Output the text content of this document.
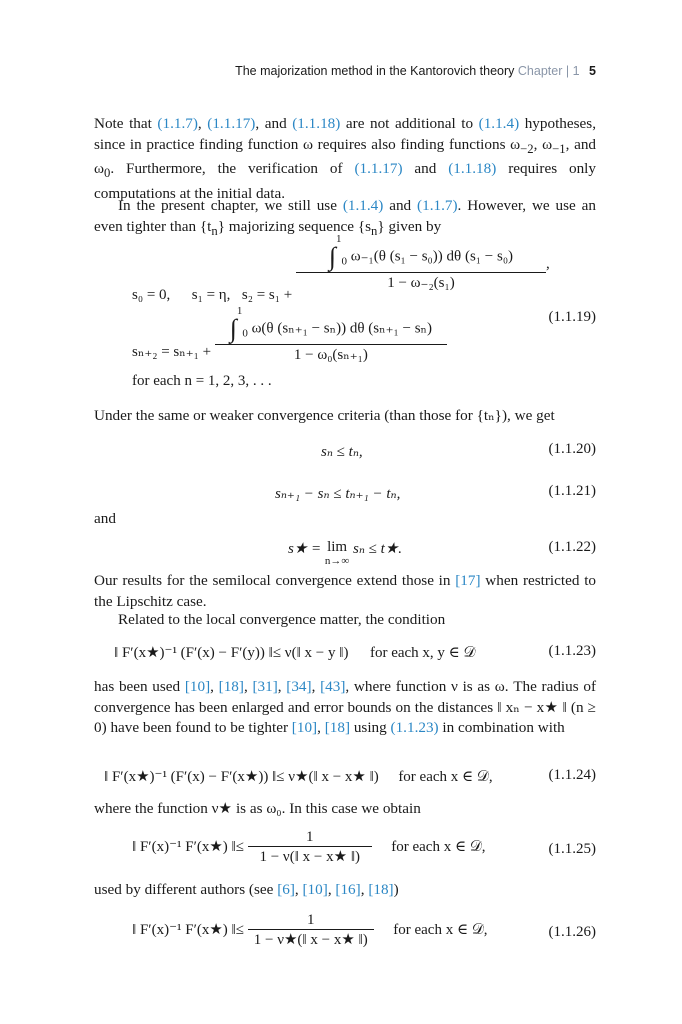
The majorization method in the Kantorovich theory Chapter | 1 5
Note that (1.1.7), (1.1.17), and (1.1.18) are not additional to (1.1.4) hypotheses, since in practice finding function ω requires also finding functions $\omega_{-2}$, $\omega_{-1}$, and $\omega_0$. Furthermore, the verification of (1.1.17) and (1.1.18) requires only computations at the initial data.
In the present chapter, we still use (1.1.4) and (1.1.7). However, we use an even tighter than $\{t_n\}$ majorizing sequence $\{s_n\}$ given by
s₀ = 0, s₁ = η, s₂ = s₁ +
$\frac{\int^1_0 \omega_{-1}(\theta (s_1 - s_0)) d\theta (s_1 - s_0)}{\text{1 − ω₋₂(s₁)}}$ ,
$s_{n+2} = s_{n+1} + \frac{\int^1_0 \omega(\theta (s_{n+1} - s_n)) d\theta (s_{n+1} - s_n)}{\text{1 − ω₀(sₙ₊₁)}}$
for each n = 1, 2, 3, . . .
(1.1.19)
Under the same or weaker convergence criteria (than those for {tₙ}), we get
sₙ ≤ tₙ,	(1.1.20)
sₙ₊₁ − sₙ ≤ tₙ₊₁ − tₙ,	(1.1.21)
and
s★ = lim
n→∞
sₙ ≤ t★.	(1.1.22)
Our results for the semilocal convergence extend those in [17] when restricted to the Lipschitz case.
Related to the local convergence matter, the condition
‖ F′(x★)⁻¹ (F′(x) − F′(y)) ‖≤ ν(‖ x − y ‖) for each x, y ∈ 𝒟	(1.1.23)
has been used [10], [18], [31], [34], [43], where function ν is as ω. The radius of convergence has been enlarged and error bounds on the distances ‖ xₙ − x★ ‖ (n ≥ 0) have been found to be tighter [10], [18] using (1.1.23) in combination with
‖ F′(x★)⁻¹ (F′(x) − F′(x★)) ‖≤ ν★(‖ x − x★ ‖) for each x ∈ 𝒟,	(1.1.24)
where the function ν★ is as ω₀. In this case we obtain
‖ F′(x)⁻¹ F′(x★) ‖≤ $\frac{1}{1 - \nu(‖ x - x★ ‖)}$ for each x ∈ 𝒟,	(1.1.25)
used by different authors (see [6], [10], [16], [18])
‖ F′(x)⁻¹ F′(x★) ‖≤ $\frac{1}{1 - \nu★(‖ x - x★ ‖)}$ for each x ∈ 𝒟,	(1.1.26)
